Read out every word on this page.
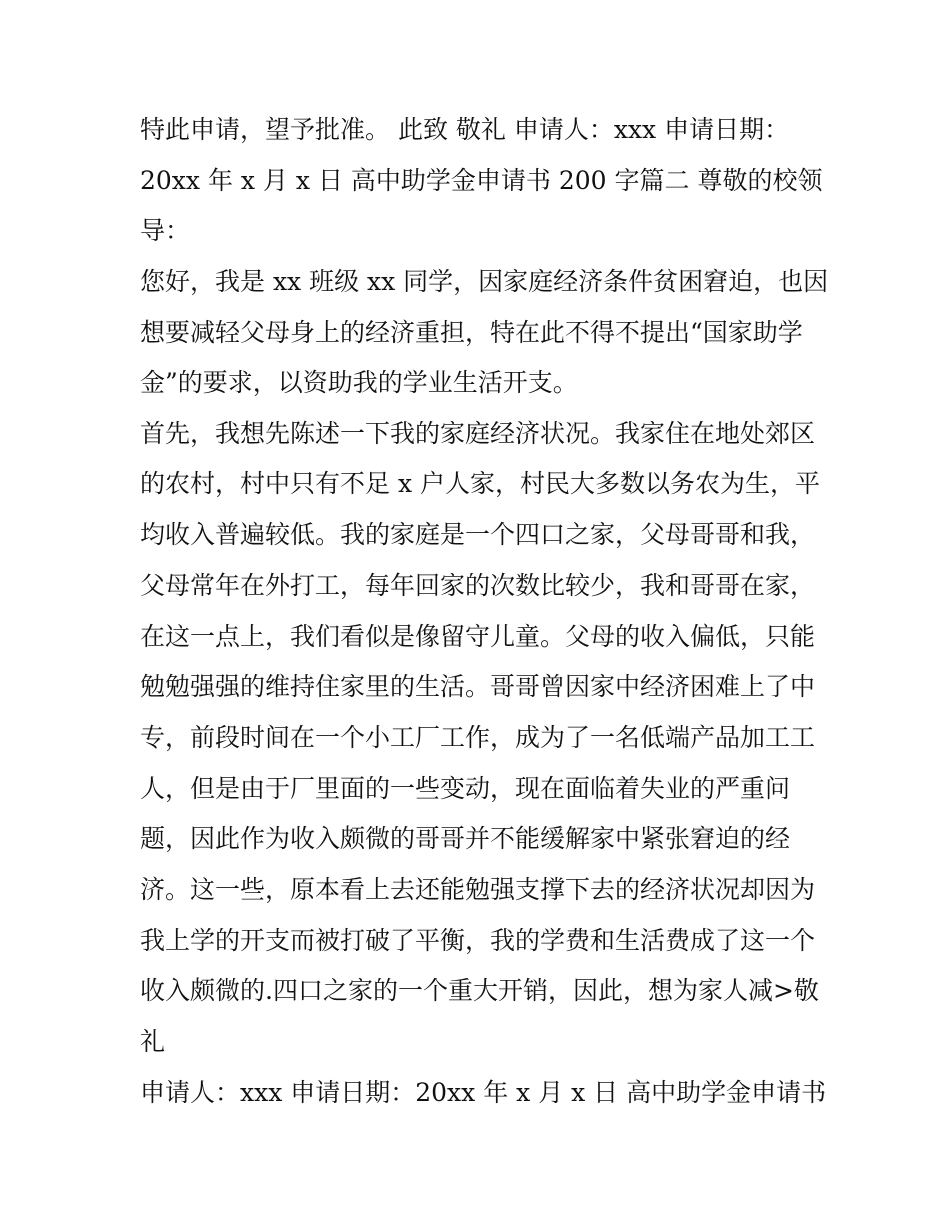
特此申请，望予批准。 此致 敬礼 申请人：xxx 申请日期：
20xx 年 x 月 x 日 高中助学金申请书 200 字篇二 尊敬的校领
导：
您好，我是 xx 班级 xx 同学，因家庭经济条件贫困窘迫，也因
想要减轻父母身上的经济重担，特在此不得不提出“国家助学
金”的要求，以资助我的学业生活开支。
首先，我想先陈述一下我的家庭经济状况。我家住在地处郊区
的农村，村中只有不足 x 户人家，村民大多数以务农为生，平
均收入普遍较低。我的家庭是一个四口之家，父母哥哥和我，
父母常年在外打工，每年回家的次数比较少，我和哥哥在家，
在这一点上，我们看似是像留守儿童。父母的收入偏低，只能
勉勉强强的维持住家里的生活。哥哥曾因家中经济困难上了中
专，前段时间在一个小工厂工作，成为了一名低端产品加工工
人，但是由于厂里面的一些变动，现在面临着失业的严重问
题，因此作为收入颇微的哥哥并不能缓解家中紧张窘迫的经
济。这一些，原本看上去还能勉强支撑下去的经济状况却因为
我上学的开支而被打破了平衡，我的学费和生活费成了这一个
收入颇微的.四口之家的一个重大开销，因此，想为家人减>敬
礼
申请人：xxx 申请日期：20xx 年 x 月 x 日 高中助学金申请书
